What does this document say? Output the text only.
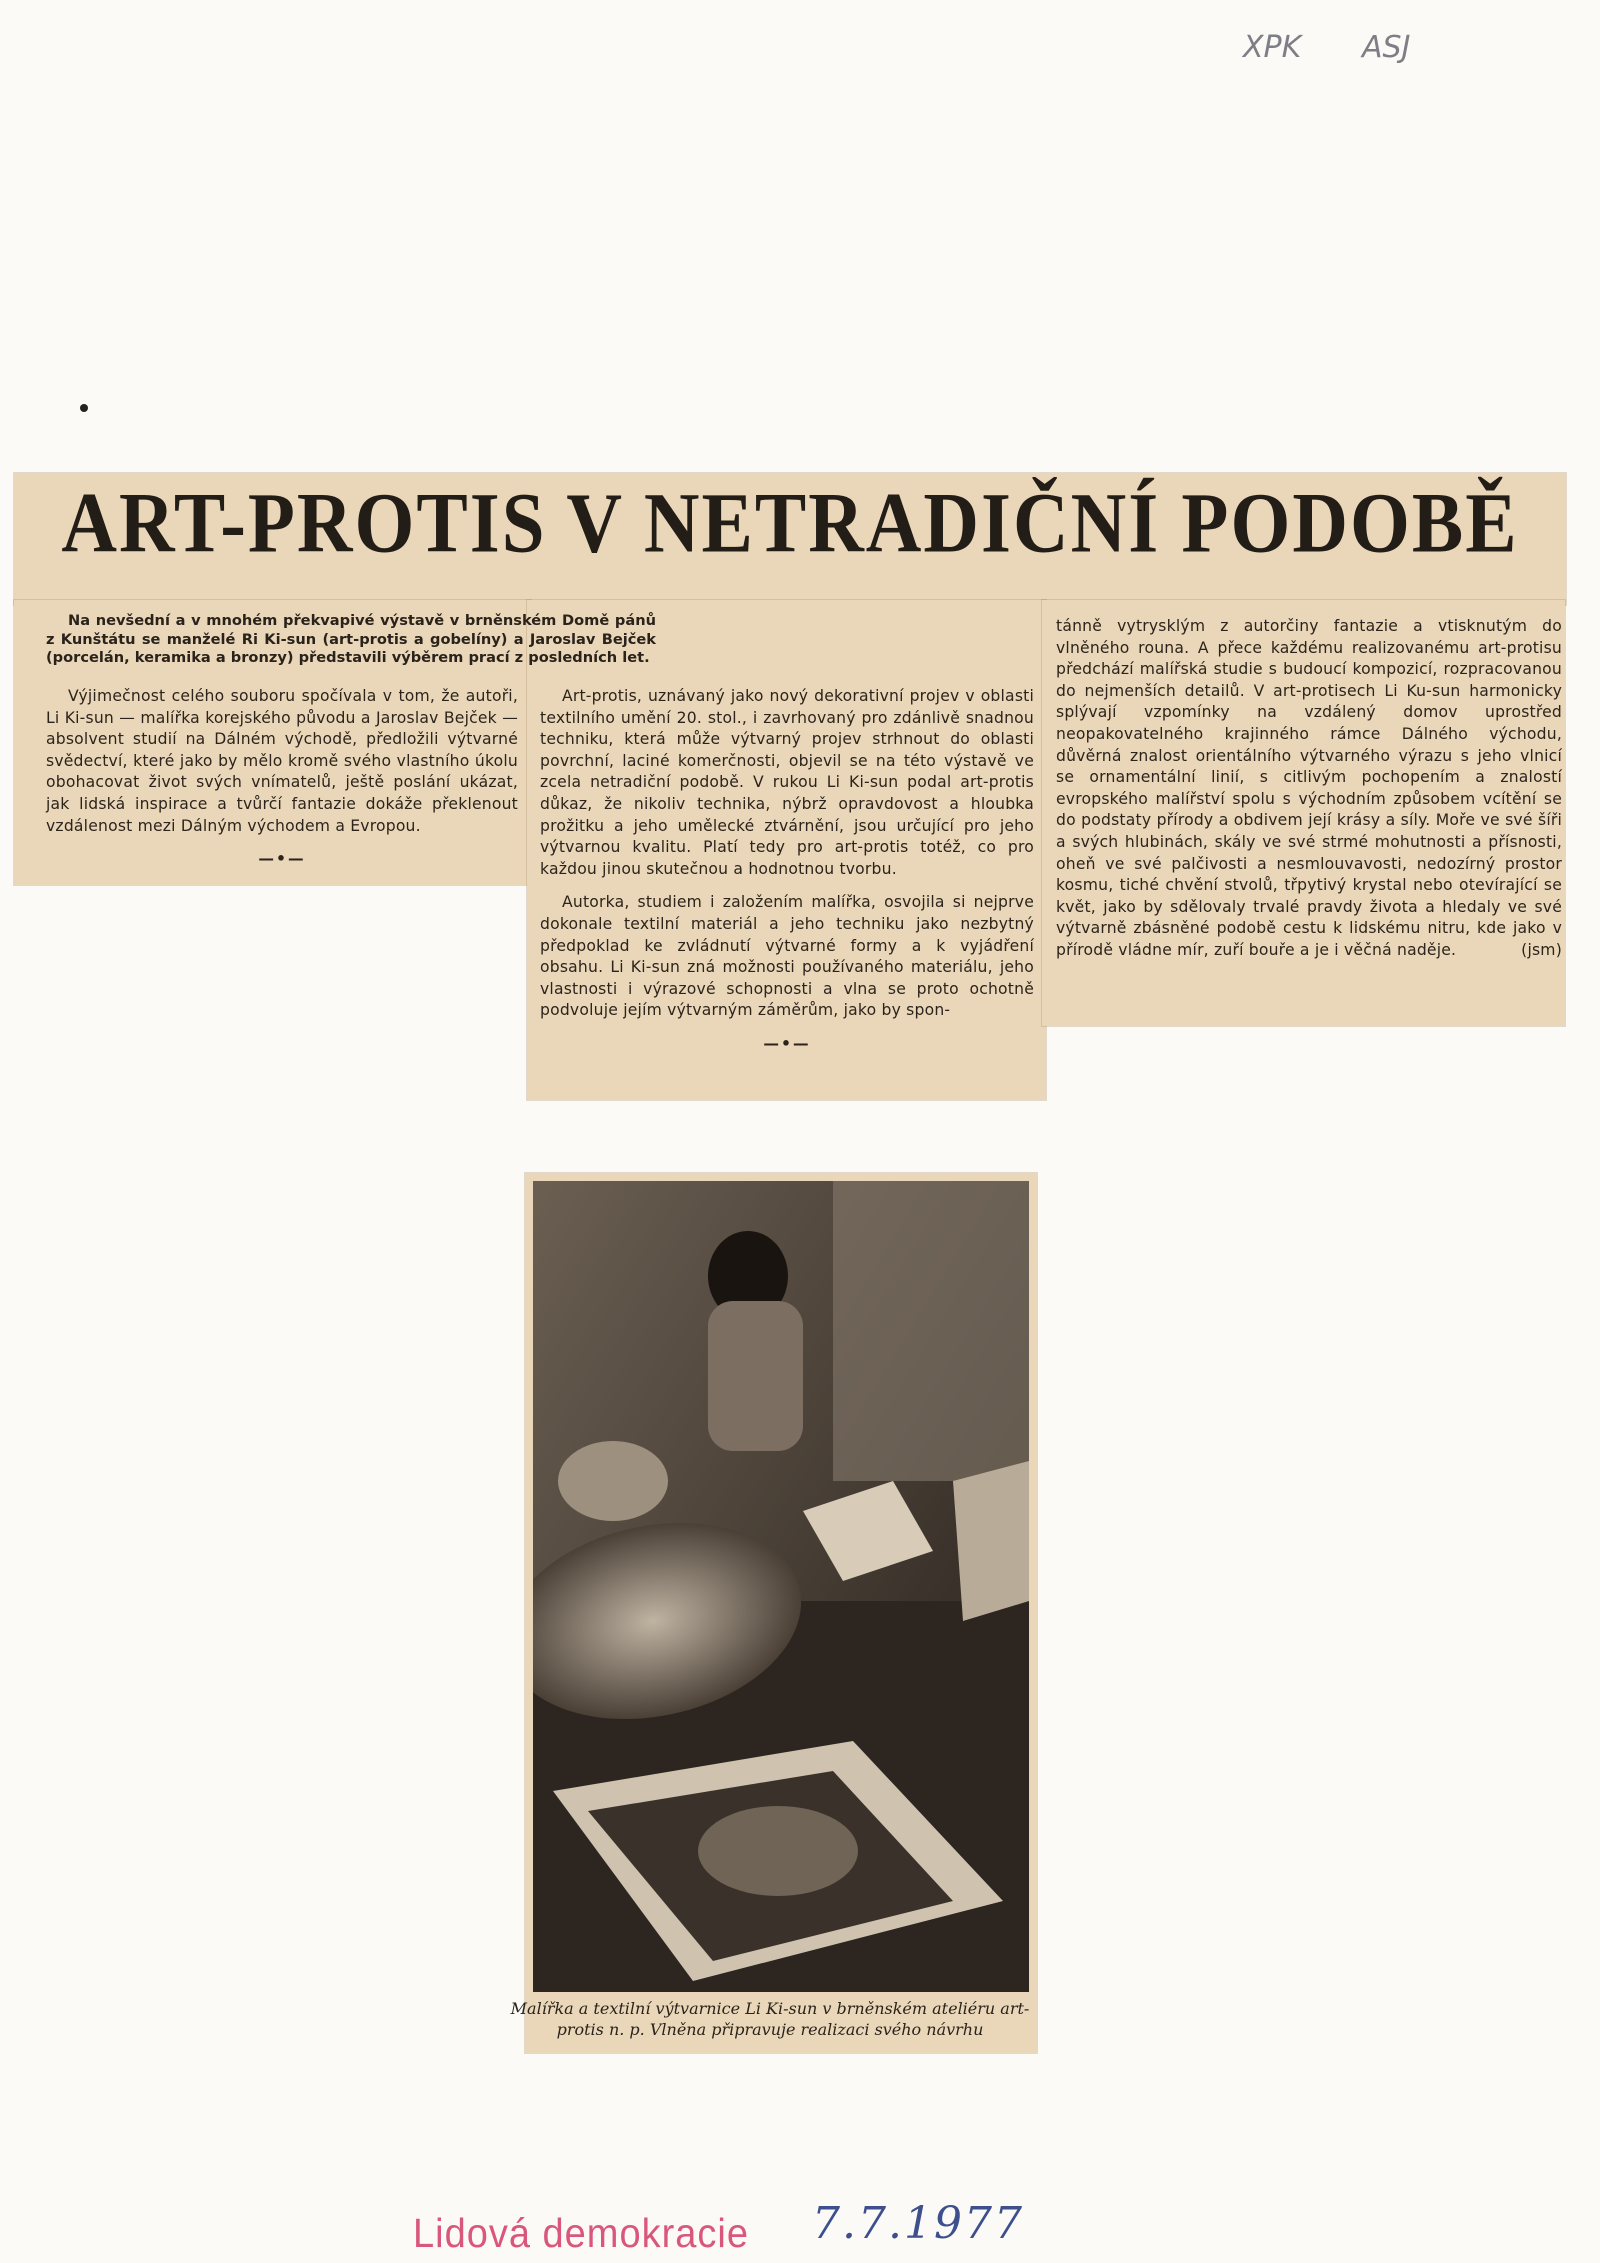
XPK ASJ

ART-PROTIS V NETRADIČNÍ PODOBĚ

Na nevšední a v mnohém překvapivé výstavě v brněnském Domě pánů z Kunštátu se manželé Ri Ki-sun (art-protis a gobelíny) a Jaroslav Bejček (porcelán, keramika a bronzy) představili výběrem prací z posledních let.

Výjimečnost celého souboru spočívala v tom, že autoři, Li Ki-sun — malířka korejského původu a Jaroslav Bejček — absolvent studií na Dálném východě, předložili výtvarné svědectví, které jako by mělo kromě svého vlastního úkolu obohacovat život svých vnímatelů, ještě poslání ukázat, jak lidská inspirace a tvůrčí fantazie dokáže překlenout vzdálenost mezi Dálným východem a Evropou.

—•—

Art-protis, uznávaný jako nový dekorativní projev v oblasti textilního umění 20. stol., i zavrhovaný pro zdánlivě snadnou techniku, která může výtvarný projev strhnout do oblasti povrchní, laciné komerčnosti, objevil se na této výstavě ve zcela netradiční podobě. V rukou Li Ki-sun podal art-protis důkaz, že nikoliv technika, nýbrž opravdovost a hloubka prožitku a jeho umělecké ztvárnění, jsou určující pro jeho výtvarnou kvalitu. Platí tedy pro art-protis totéž, co pro každou jinou skutečnou a hodnotnou tvorbu.

Autorka, studiem i založením malířka, osvojila si nejprve dokonale textilní materiál a jeho techniku jako nezbytný předpoklad ke zvládnutí výtvarné formy a k vyjádření obsahu. Li Ki-sun zná možnosti používaného materiálu, jeho vlastnosti i výrazové schopnosti a vlna se proto ochotně podvoluje jejím výtvarným záměrům, jako by spon-

—•—

tánně vytrysklým z autorčiny fantazie a vtisknutým do vlněného rouna. A přece každému realizovanému art-protisu předchází malířská studie s budoucí kompozicí, rozpracovanou do nejmenších detailů. V art-protisech Li Ku-sun harmonicky splývají vzpomínky na vzdálený domov uprostřed neopakovatelného krajinného rámce Dálného východu, důvěrná znalost orientálního výtvarného výrazu s jeho vlnicí se ornamentální linií, s citlivým pochopením a znalostí evropského malířství spolu s východním způsobem vcítění se do podstaty přírody a obdivem její krásy a síly. Moře ve své šíři a svých hlubinách, skály ve své strmé mohutnosti a přísnosti, oheň ve své palčivosti a nesmlouvavosti, nedozírný prostor kosmu, tiché chvění stvolů, třpytivý krystal nebo otevírající se květ, jako by sdělovaly trvalé pravdy života a hledaly ve své výtvarně zbásněné podobě cestu k lidskému nitru, kde jako v přírodě vládne mír, zuří bouře a je i věčná naděje.	(jsm)

Malířka a textilní výtvarnice Li Ki-sun v brněnském ateliéru art-protis n. p. Vlněna připravuje realizaci svého návrhu

Lidová demokracie 7.7.1977
